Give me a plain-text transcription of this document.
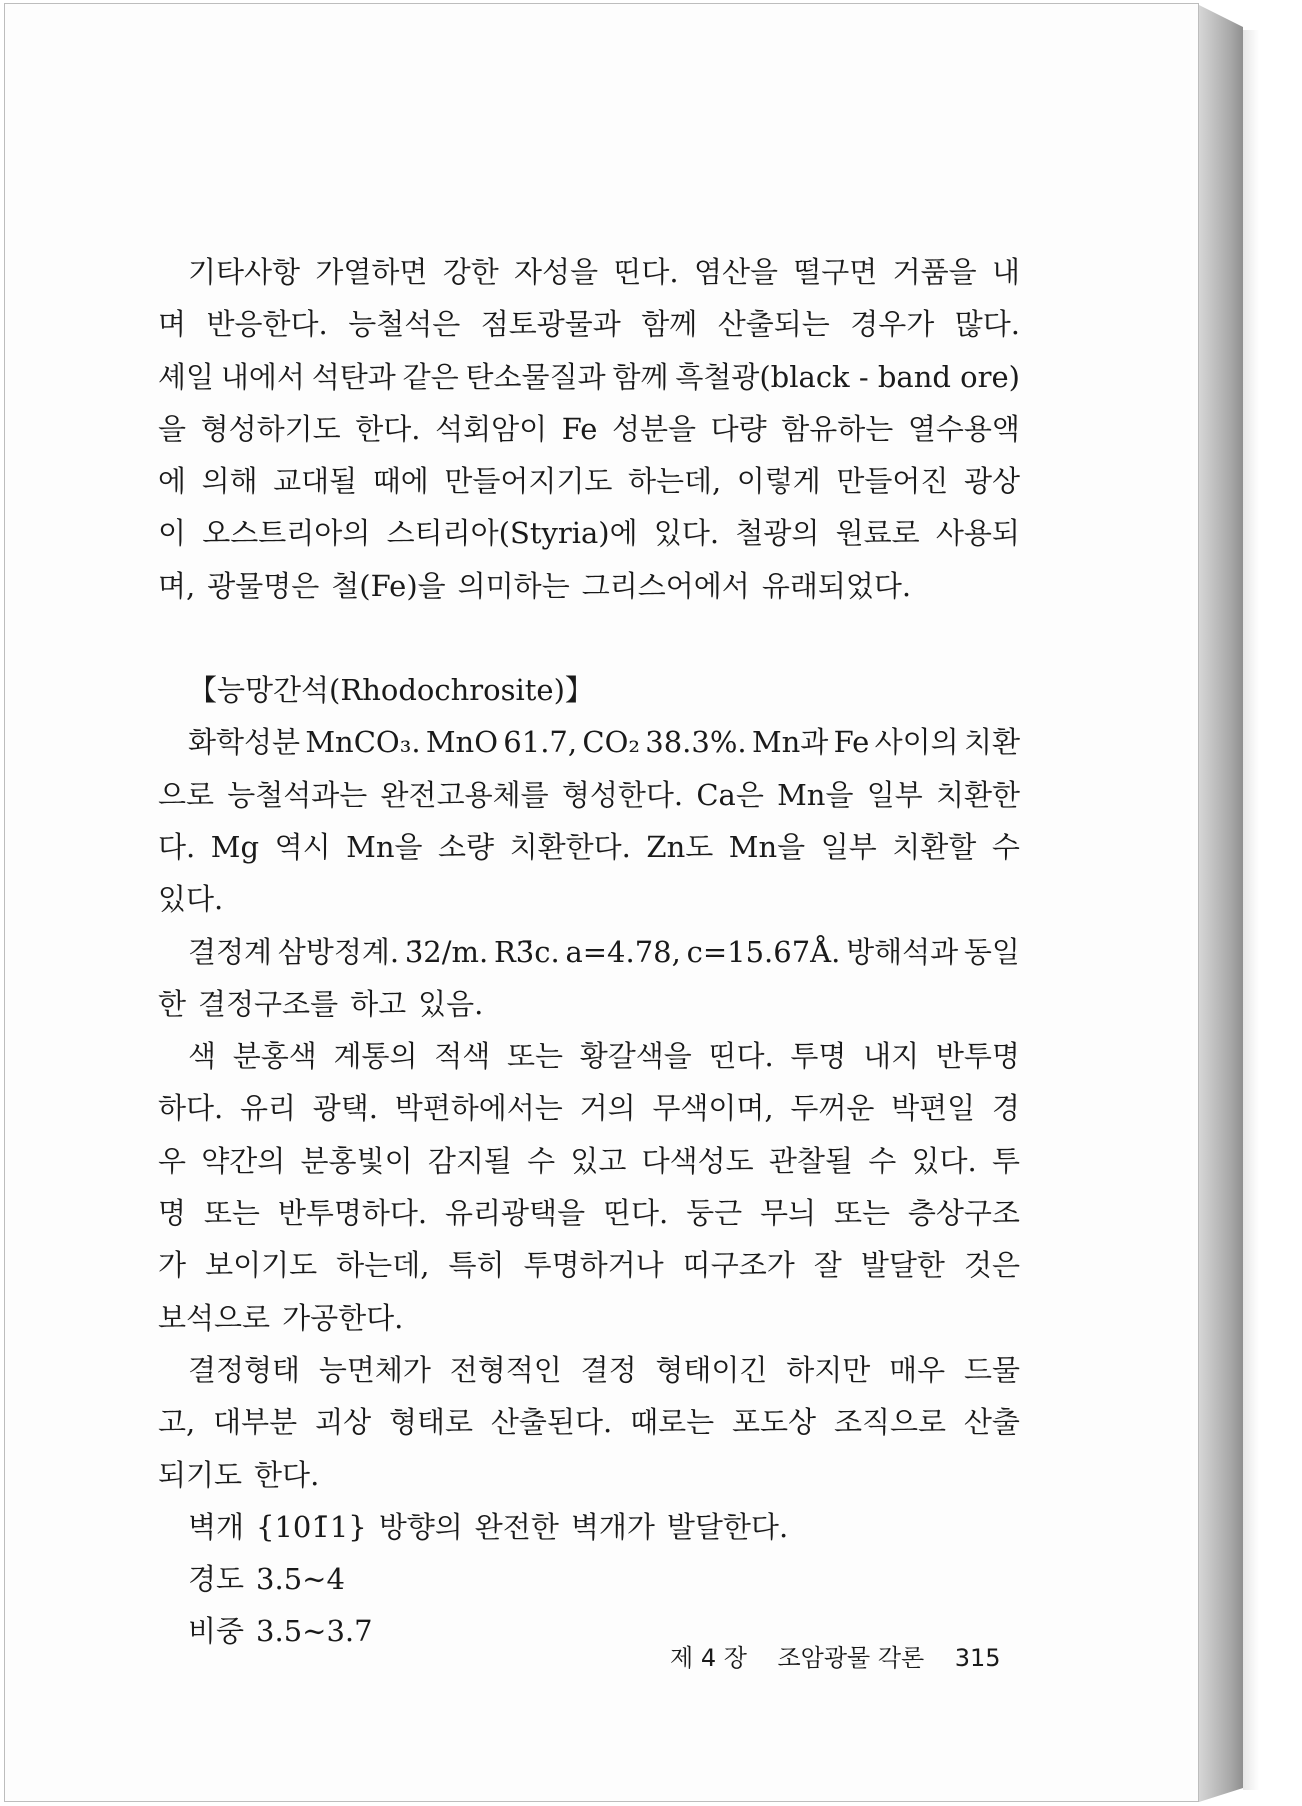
기타사항 가열하면 강한 자성을 띤다. 염산을 떨구면 거품을 내
며 반응한다. 능철석은 점토광물과 함께 산출되는 경우가 많다.
셰일 내에서 석탄과 같은 탄소물질과 함께 흑철광(black - band ore)
을 형성하기도 한다. 석회암이 Fe 성분을 다량 함유하는 열수용액
에 의해 교대될 때에 만들어지기도 하는데, 이렇게 만들어진 광상
이 오스트리아의 스티리아(Styria)에 있다. 철광의 원료로 사용되
며, 광물명은 철(Fe)을 의미하는 그리스어에서 유래되었다.
【능망간석(Rhodochrosite)】
화학성분 MnCO₃. MnO 61.7, CO₂ 38.3%. Mn과 Fe 사이의 치환
으로 능철석과는 완전고용체를 형성한다. Ca은 Mn을 일부 치환한
다. Mg 역시 Mn을 소량 치환한다. Zn도 Mn을 일부 치환할 수
있다.
결정계 삼방정계. 3̄2/m. R3̄c. a=4.78, c=15.67Å. 방해석과 동일
한 결정구조를 하고 있음.
색 분홍색 계통의 적색 또는 황갈색을 띤다. 투명 내지 반투명
하다. 유리 광택. 박편하에서는 거의 무색이며, 두꺼운 박편일 경
우 약간의 분홍빛이 감지될 수 있고 다색성도 관찰될 수 있다. 투
명 또는 반투명하다. 유리광택을 띤다. 둥근 무늬 또는 층상구조
가 보이기도 하는데, 특히 투명하거나 띠구조가 잘 발달한 것은
보석으로 가공한다.
결정형태 능면체가 전형적인 결정 형태이긴 하지만 매우 드물
고, 대부분 괴상 형태로 산출된다. 때로는 포도상 조직으로 산출
되기도 한다.
벽개 {101̄1} 방향의 완전한 벽개가 발달한다.
경도 3.5∼4
비중 3.5∼3.7
제 4 장 조암광물 각론 315
